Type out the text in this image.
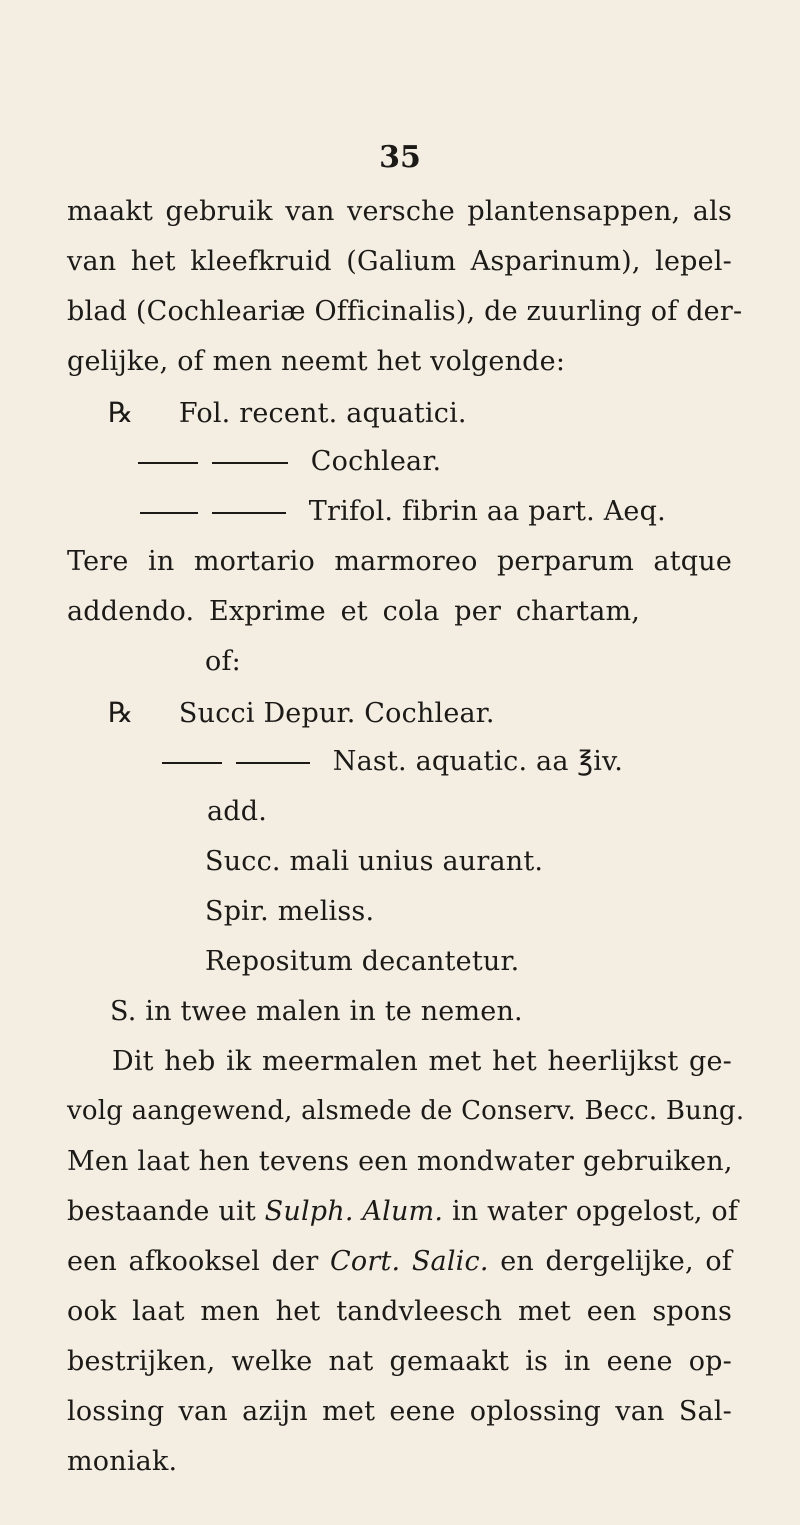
35
maakt gebruik van versche plantensappen, als
van het kleefkruid (Galium Asparinum), lepel-
blad (Cochleariæ Officinalis), de zuurling of der-
gelijke, of men neemt het volgende:
℞ Fol. recent. aquatici.
Cochlear.
Trifol. fibrin aa part. Aeq.
Tere in mortario marmoreo perparum atque
addendo. Exprime et cola per chartam,
of:
℞ Succi Depur. Cochlear.
Nast. aquatic. aa ℥iv.
add.
Succ. mali unius aurant.
Spir. meliss.
Repositum decantetur.
S. in twee malen in te nemen.
Dit heb ik meermalen met het heerlijkst ge-
volg aangewend, alsmede de Conserv. Becc. Bung.
Men laat hen tevens een mondwater gebruiken,
bestaande uit Sulph. Alum. in water opgelost, of
een afkooksel der Cort. Salic. en dergelijke, of
ook laat men het tandvleesch met een spons
bestrijken, welke nat gemaakt is in eene op-
lossing van azijn met eene oplossing van Sal-
moniak.
